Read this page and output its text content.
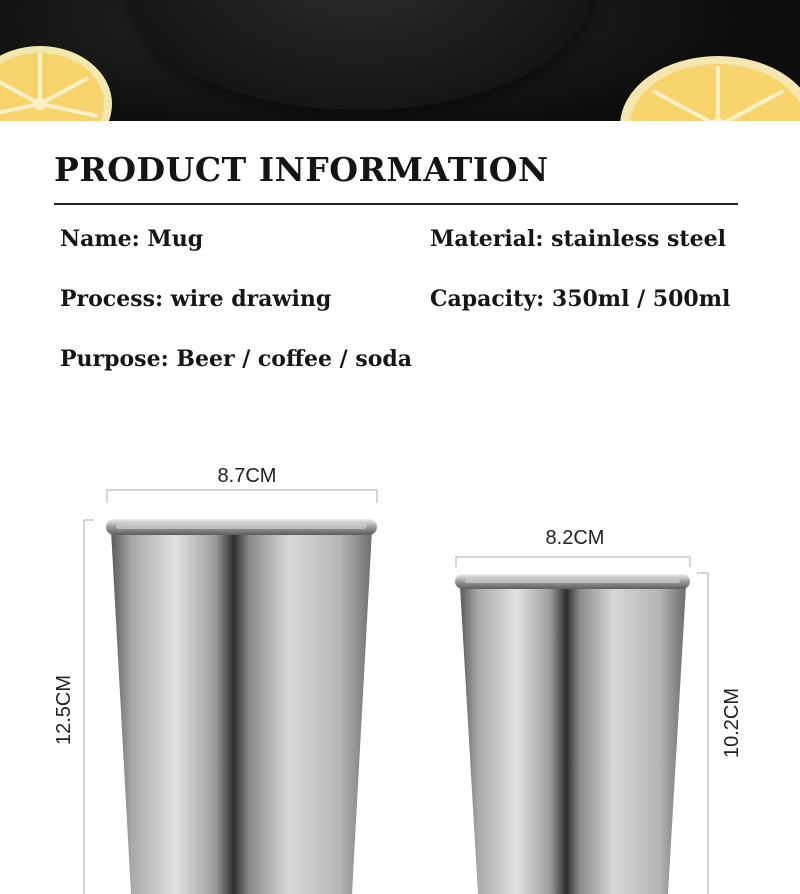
PRODUCT INFORMATION
Name: Mug	Material: stainless steel
Process: wire drawing	Capacity: 350ml / 500ml
Purpose: Beer / coffee / soda
8.7CM
12.5CM
8.2CM
10.2CM
